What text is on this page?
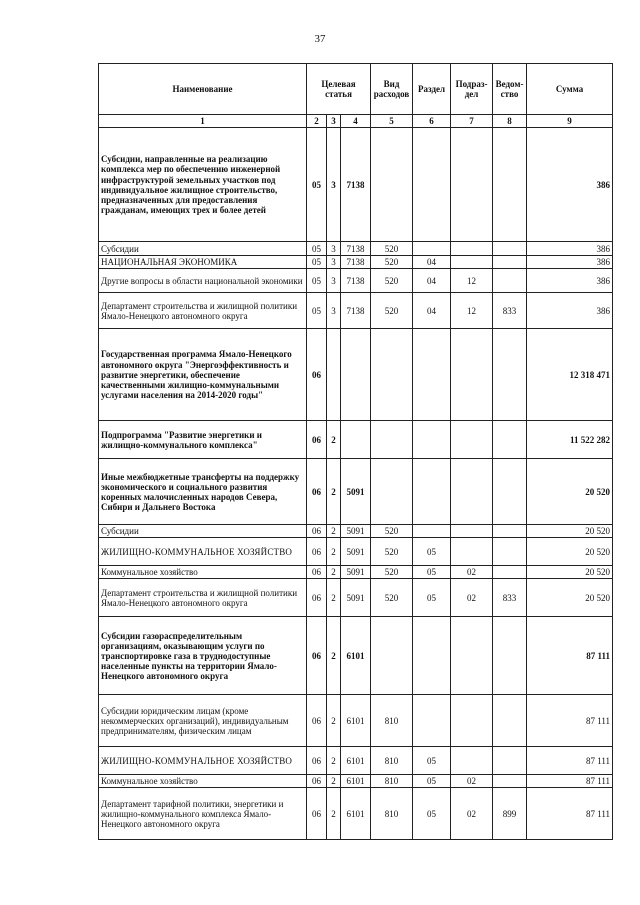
37
Наименование	Целевая статья			Вид расходов	Раздел	Подраз-дел	Ведом-ство	Сумма
1	2	3	4	5	6	7	8	9
Субсидии, направленные на реализацию комплекса мер по обеспечению инженерной инфраструктурой земельных участков под индивидуальное жилищное строительство, предназначенных для предоставления гражданам, имеющих трех и более детей	05	3	7138					386
Субсидии	05	3	7138	520				386
НАЦИОНАЛЬНАЯ ЭКОНОМИКА	05	3	7138	520	04			386
Другие вопросы в области национальной экономики	05	3	7138	520	04	12		386
Департамент строительства и жилищной политики Ямало-Ненецкого автономного округа	05	3	7138	520	04	12	833	386
Государственная программа Ямало-Ненецкого автономного округа "Энергоэффективность и развитие энергетики, обеспечение качественными жилищно-коммунальными услугами населения на 2014-2020 годы"	06							12 318 471
Подпрограмма "Развитие энергетики и жилищно-коммунального комплекса"	06	2						11 522 282
Иные межбюджетные трансферты на поддержку экономического и социального развития коренных малочисленных народов Севера, Сибири и Дальнего Востока	06	2	5091					20 520
Субсидии	06	2	5091	520				20 520
ЖИЛИЩНО-КОММУНАЛЬНОЕ ХОЗЯЙСТВО	06	2	5091	520	05			20 520
Коммунальное хозяйство	06	2	5091	520	05	02		20 520
Департамент строительства и жилищной политики Ямало-Ненецкого автономного округа	06	2	5091	520	05	02	833	20 520
Субсидии газораспределительным организациям, оказывающим услуги по транспортировке газа в труднодоступные населенные пункты на территории Ямало-Ненецкого автономного округа	06	2	6101					87 111
Субсидии юридическим лицам (кроме некоммерческих организаций), индивидуальным предпринимателям, физическим лицам	06	2	6101	810				87 111
ЖИЛИЩНО-КОММУНАЛЬНОЕ ХОЗЯЙСТВО	06	2	6101	810	05			87 111
Коммунальное хозяйство	06	2	6101	810	05	02		87 111
Департамент тарифной политики, энергетики и жилищно-коммунального комплекса Ямало-Ненецкого автономного округа	06	2	6101	810	05	02	899	87 111
